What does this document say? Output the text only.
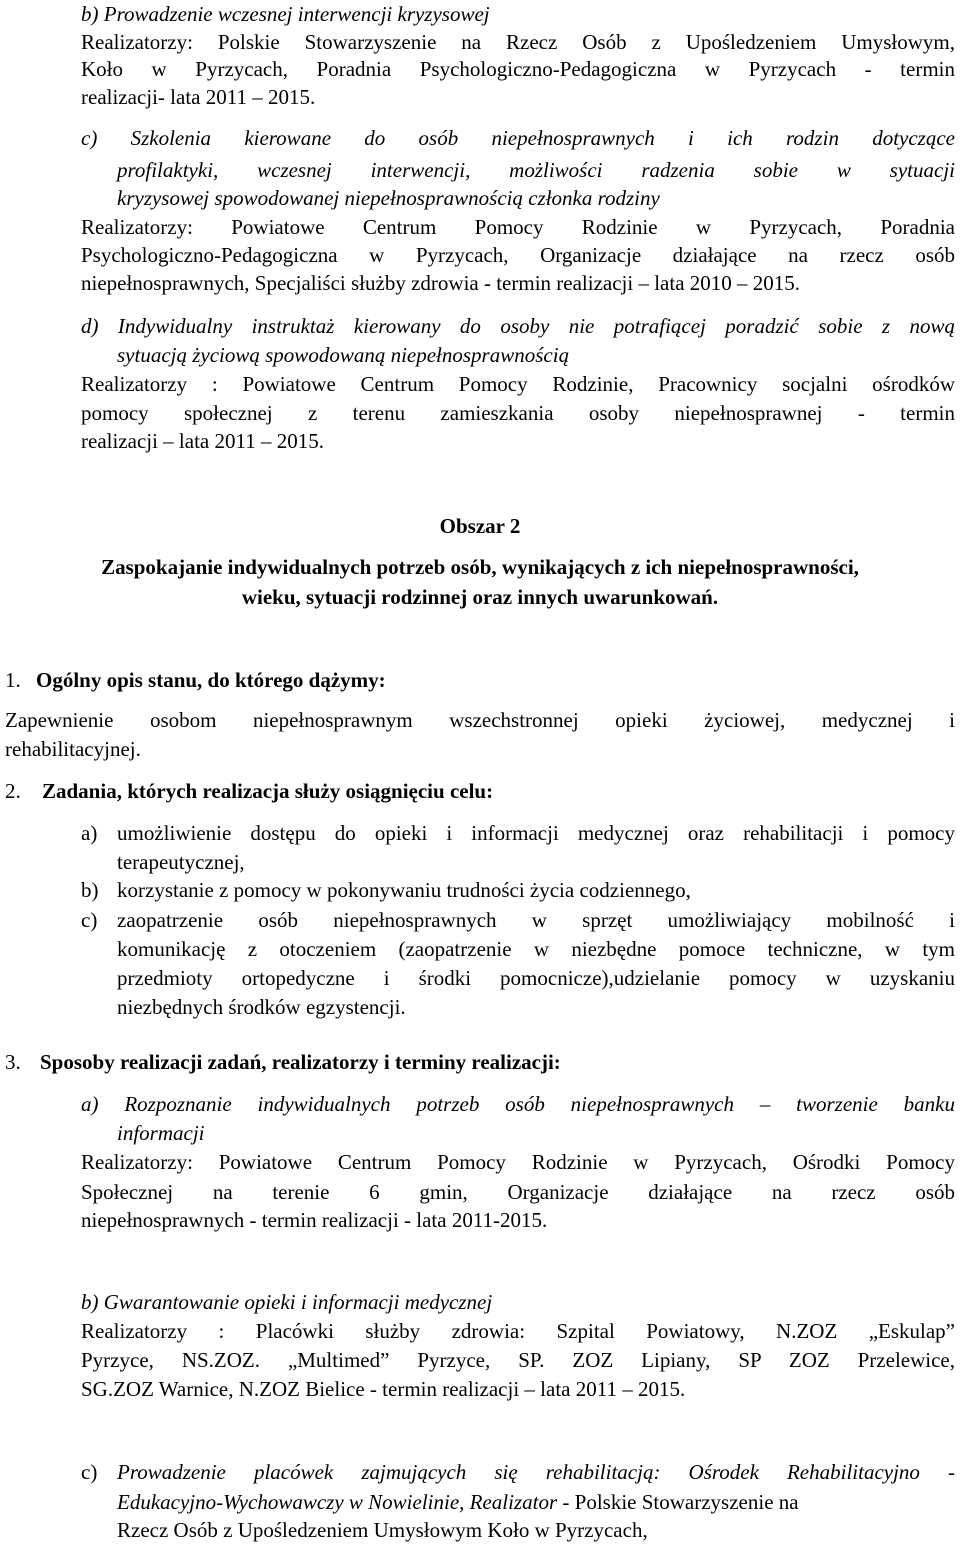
b) Prowadzenie wczesnej interwencji kryzysowej
Realizatorzy: Polskie Stowarzyszenie na Rzecz Osób z Upośledzeniem Umysłowym,
Koło w Pyrzycach, Poradnia Psychologiczno-Pedagogiczna w Pyrzycach - termin
realizacji- lata 2011 – 2015.
c) Szkolenia kierowane do osób niepełnosprawnych i ich rodzin dotyczące
profilaktyki, wczesnej interwencji, możliwości radzenia sobie w sytuacji
kryzysowej spowodowanej niepełnosprawnością członka rodziny
Realizatorzy: Powiatowe Centrum Pomocy Rodzinie w Pyrzycach, Poradnia
Psychologiczno-Pedagogiczna w Pyrzycach, Organizacje działające na rzecz osób
niepełnosprawnych, Specjaliści służby zdrowia - termin realizacji – lata 2010 – 2015.
d) Indywidualny instruktaż kierowany do osoby nie potrafiącej poradzić sobie z nową
sytuacją życiową spowodowaną niepełnosprawnością
Realizatorzy : Powiatowe Centrum Pomocy Rodzinie, Pracownicy socjalni ośrodków
pomocy społecznej z terenu zamieszkania osoby niepełnosprawnej - termin
realizacji – lata 2011 – 2015.
Obszar 2
Zaspokajanie indywidualnych potrzeb osób, wynikających z ich niepełnosprawności,
wieku, sytuacji rodzinnej oraz innych uwarunkowań.
1. Ogólny opis stanu, do którego dążymy:
Zapewnienie osobom niepełnosprawnym wszechstronnej opieki życiowej, medycznej i
rehabilitacyjnej.
2. Zadania, których realizacja służy osiągnięciu celu:
a) umożliwienie dostępu do opieki i informacji medycznej oraz rehabilitacji i pomocy
terapeutycznej,
b) korzystanie z pomocy w pokonywaniu trudności życia codziennego,
c) zaopatrzenie osób niepełnosprawnych w sprzęt umożliwiający mobilność i
komunikację z otoczeniem (zaopatrzenie w niezbędne pomoce techniczne, w tym
przedmioty ortopedyczne i środki pomocnicze),udzielanie pomocy w uzyskaniu
niezbędnych środków egzystencji.
3. Sposoby realizacji zadań, realizatorzy i terminy realizacji:
a) Rozpoznanie indywidualnych potrzeb osób niepełnosprawnych – tworzenie banku
informacji
Realizatorzy: Powiatowe Centrum Pomocy Rodzinie w Pyrzycach, Ośrodki Pomocy
Społecznej na terenie 6 gmin, Organizacje działające na rzecz osób
niepełnosprawnych - termin realizacji - lata 2011-2015.
b) Gwarantowanie opieki i informacji medycznej
Realizatorzy : Placówki służby zdrowia: Szpital Powiatowy, N.ZOZ „Eskulap”
Pyrzyce, NS.ZOZ. „Multimed” Pyrzyce, SP. ZOZ Lipiany, SP ZOZ Przelewice,
SG.ZOZ Warnice, N.ZOZ Bielice - termin realizacji – lata 2011 – 2015.
c) Prowadzenie placówek zajmujących się rehabilitacją: Ośrodek Rehabilitacyjno -
Edukacyjno-Wychowawczy w Nowielinie, Realizator - Polskie Stowarzyszenie na
Rzecz Osób z Upośledzeniem Umysłowym Koło w Pyrzycach,
